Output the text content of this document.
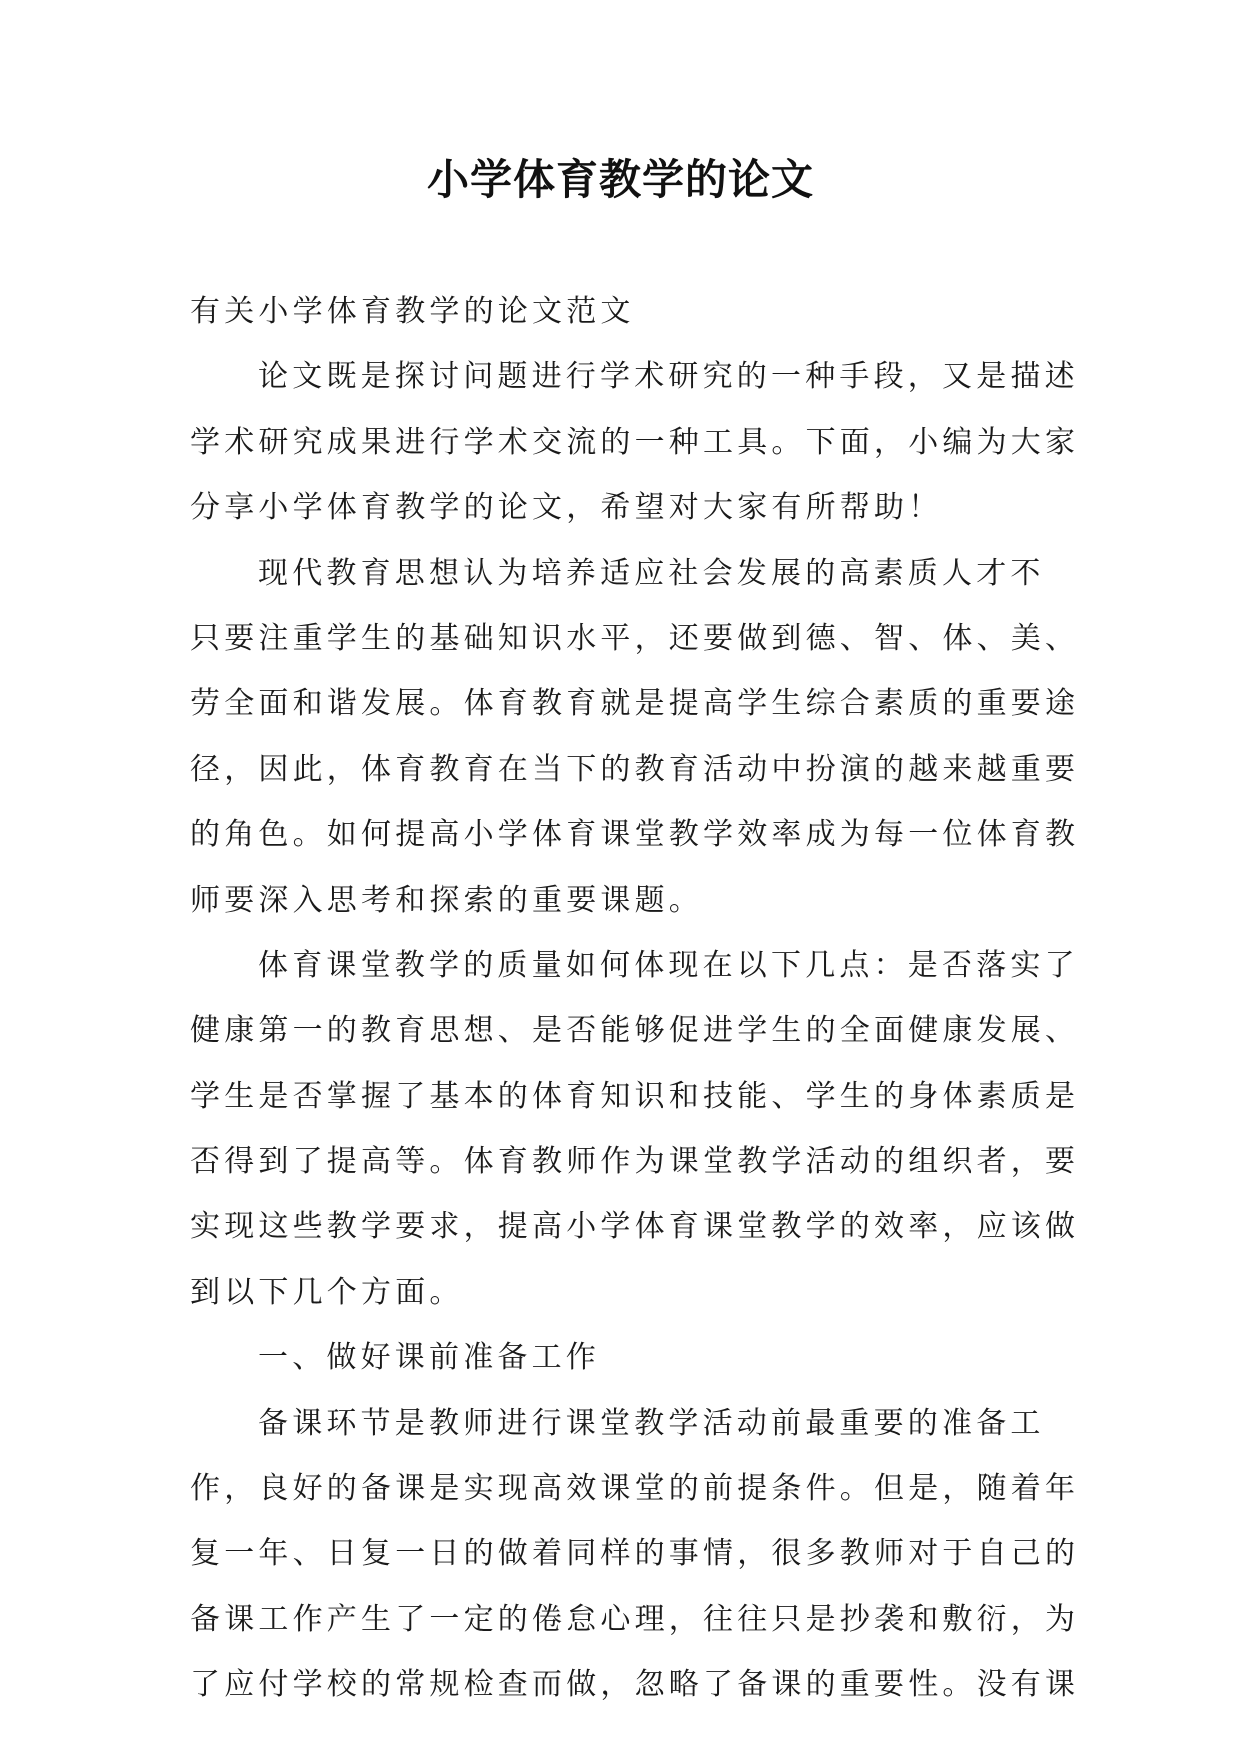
小学体育教学的论文
有关小学体育教学的论文范文
论文既是探讨问题进行学术研究的一种手段，又是描述
学术研究成果进行学术交流的一种工具。下面，小编为大家
分享小学体育教学的论文，希望对大家有所帮助！
现代教育思想认为培养适应社会发展的高素质人才不
只要注重学生的基础知识水平，还要做到德、智、体、美、
劳全面和谐发展。体育教育就是提高学生综合素质的重要途
径，因此，体育教育在当下的教育活动中扮演的越来越重要
的角色。如何提高小学体育课堂教学效率成为每一位体育教
师要深入思考和探索的重要课题。
体育课堂教学的质量如何体现在以下几点：是否落实了
健康第一的教育思想、是否能够促进学生的全面健康发展、
学生是否掌握了基本的体育知识和技能、学生的身体素质是
否得到了提高等。体育教师作为课堂教学活动的组织者，要
实现这些教学要求，提高小学体育课堂教学的效率，应该做
到以下几个方面。
一、做好课前准备工作
备课环节是教师进行课堂教学活动前最重要的准备工
作，良好的备课是实现高效课堂的前提条件。但是，随着年
复一年、日复一日的做着同样的事情，很多教师对于自己的
备课工作产生了一定的倦怠心理，往往只是抄袭和敷衍，为
了应付学校的常规检查而做，忽略了备课的重要性。没有课
